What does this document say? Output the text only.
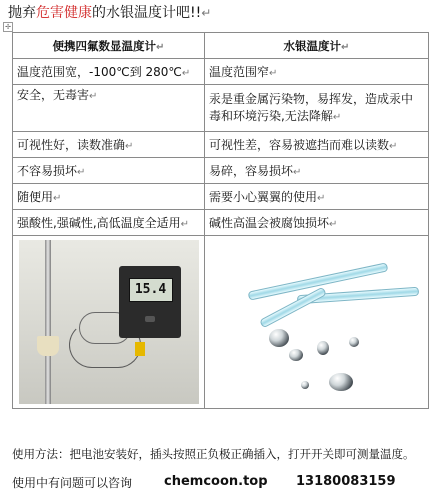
抛弃危害健康的水银温度计吧!!↵
✢
便携四氟数显温度计↵	水银温度计↵
温度范围宽，-100℃到 280℃↵	温度范围窄↵
安全，无毒害↵	汞是重金属污染物，易挥发，造成汞中毒和环境污染,无法降解↵
可视性好，读数准确↵	可视性差，容易被遮挡而难以读数↵
不容易损坏↵	易碎，容易损坏↵
随便用↵	需要小心翼翼的使用↵
强酸性,强碱性,高低温度全适用↵	碱性高温会被腐蚀损坏↵

15.4	

使用方法：把电池安装好，插头按照正负极正确插入，打开开关即可测量温度。
使用中有问题可以咨询 chemcoon.top 13180083159
